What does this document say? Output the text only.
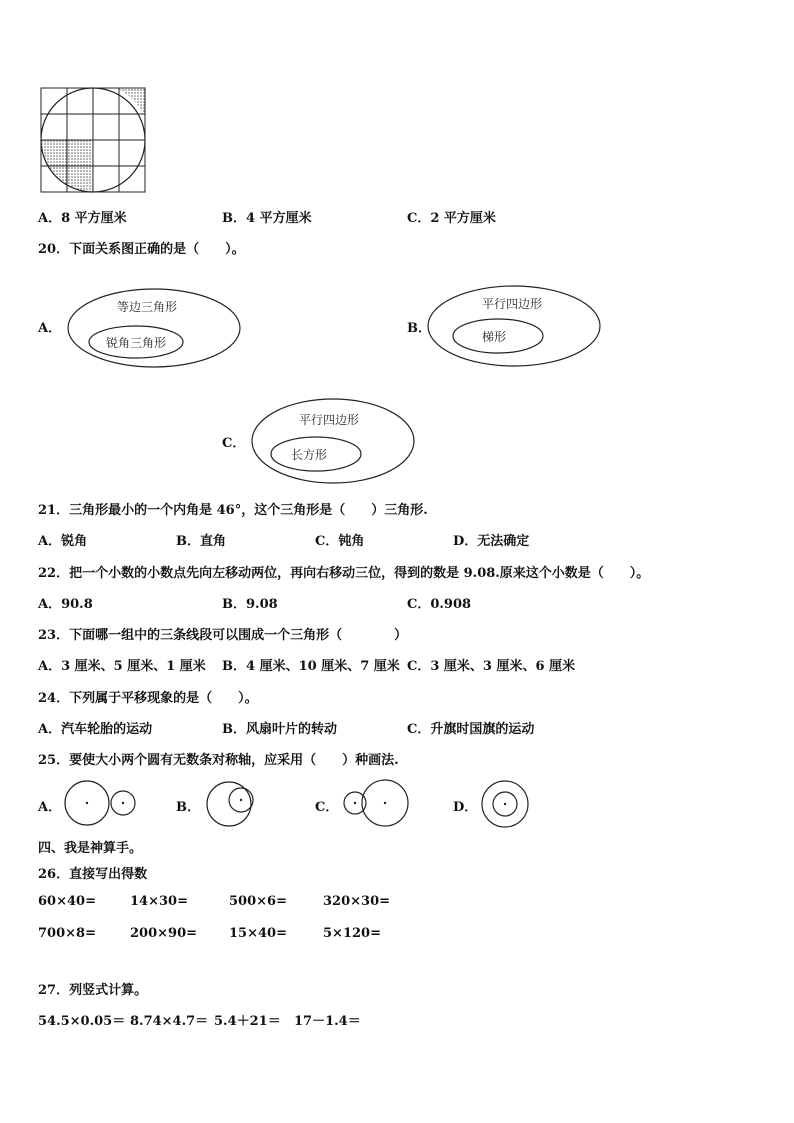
A．8 平方厘米	B．4 平方厘米	C．2 平方厘米
20．下面关系图正确的是（　　）。
A．
等边三角形
锐角三角形
B．
平行四边形
梯形
C．
平行四边形
长方形
21．三角形最小的一个内角是 46°，这个三角形是（　　）三角形.
A．锐角	B．直角	C．钝角	D．无法确定
22．把一个小数的小数点先向左移动两位，再向右移动三位，得到的数是 9.08.原来这个小数是（　　）。
A．90.8	B．9.08	C．0.908
23．下面哪一组中的三条线段可以围成一个三角形（　　　　）
A．3 厘米、5 厘米、1 厘米 B．4 厘米、10 厘米、7 厘米 C．3 厘米、3 厘米、6 厘米
24．下列属于平移现象的是（　　）。
A．汽车轮胎的运动	B．风扇叶片的转动	C．升旗时国旗的运动
25．要使大小两个圆有无数条对称轴，应采用（　　）种画法.
A．	B．	C．	D．
四、我是神算手。
26．直接写出得数
60×40=	14×30=	500×6=	320×30=
700×8=	200×90= 15×40=	5×120=
27．列竖式计算。
54.5×0.05＝ 8.74×4.7＝ 5.4＋21＝ 17－1.4＝
